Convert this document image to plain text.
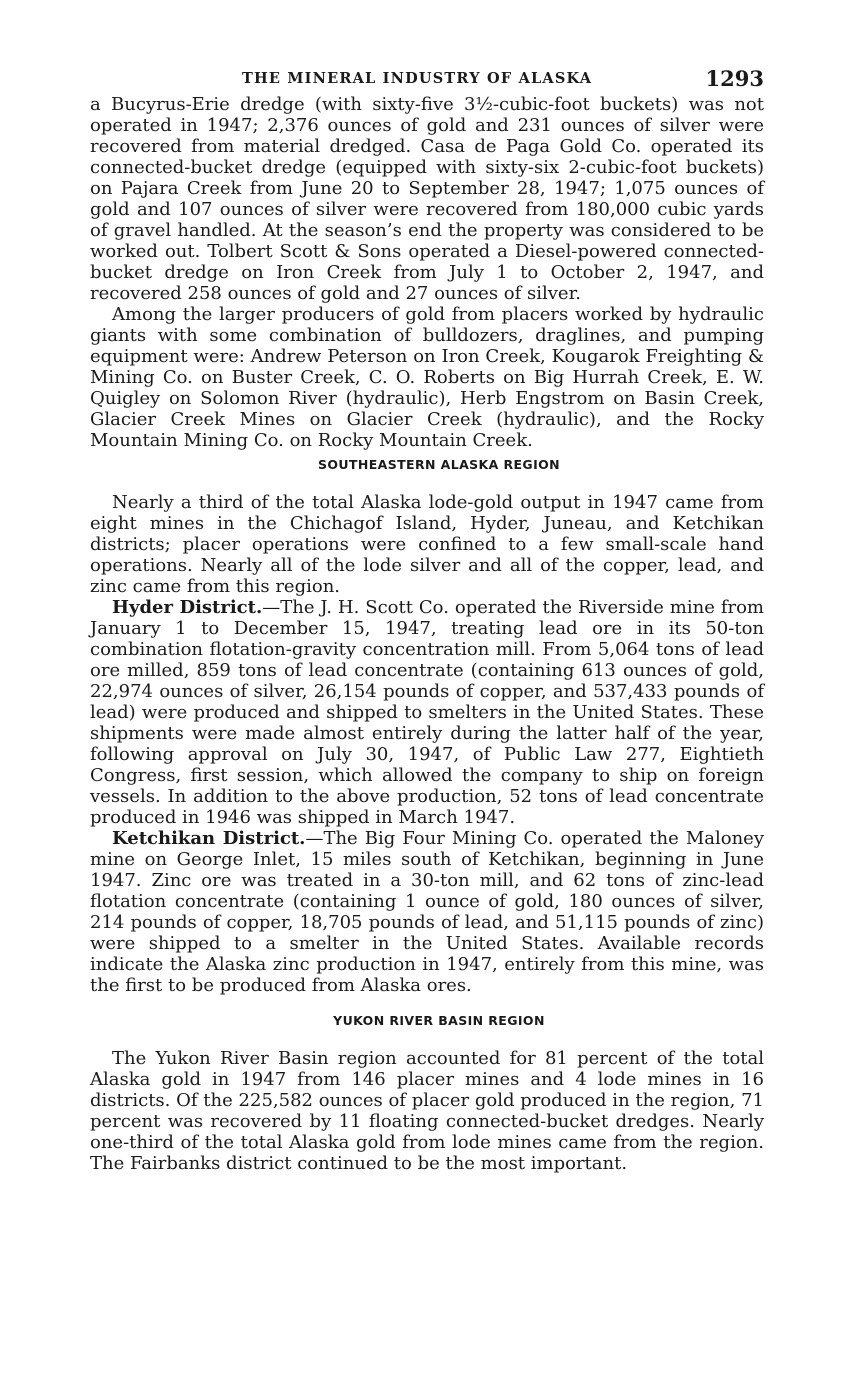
THE MINERAL INDUSTRY OF ALASKA	1293

a Bucyrus-Erie dredge (with sixty-five 3½-cubic-foot buckets) was not operated in 1947; 2,376 ounces of gold and 231 ounces of silver were recovered from material dredged. Casa de Paga Gold Co. operated its connected-bucket dredge (equipped with sixty-six 2-cubic-foot buckets) on Pajara Creek from June 20 to September 28, 1947; 1,075 ounces of gold and 107 ounces of silver were recovered from 180,000 cubic yards of gravel handled. At the season’s end the property was considered to be worked out. Tolbert Scott & Sons operated a Diesel-powered connected-bucket dredge on Iron Creek from July 1 to October 2, 1947, and recovered 258 ounces of gold and 27 ounces of silver.

Among the larger producers of gold from placers worked by hydraulic giants with some combination of bulldozers, draglines, and pumping equipment were: Andrew Peterson on Iron Creek, Kougarok Freighting & Mining Co. on Buster Creek, C. O. Roberts on Big Hurrah Creek, E. W. Quigley on Solomon River (hydraulic), Herb Engstrom on Basin Creek, Glacier Creek Mines on Glacier Creek (hydraulic), and the Rocky Mountain Mining Co. on Rocky Mountain Creek.

SOUTHEASTERN ALASKA REGION

Nearly a third of the total Alaska lode-gold output in 1947 came from eight mines in the Chichagof Island, Hyder, Juneau, and Ketchikan districts; placer operations were confined to a few small-scale hand operations. Nearly all of the lode silver and all of the copper, lead, and zinc came from this region.

Hyder District.—The J. H. Scott Co. operated the Riverside mine from January 1 to December 15, 1947, treating lead ore in its 50-ton combination flotation-gravity concentration mill. From 5,064 tons of lead ore milled, 859 tons of lead concentrate (containing 613 ounces of gold, 22,974 ounces of silver, 26,154 pounds of copper, and 537,433 pounds of lead) were produced and shipped to smelters in the United States. These shipments were made almost entirely during the latter half of the year, following approval on July 30, 1947, of Public Law 277, Eightieth Congress, first session, which allowed the company to ship on foreign vessels. In addition to the above production, 52 tons of lead concentrate produced in 1946 was shipped in March 1947.

Ketchikan District.—The Big Four Mining Co. operated the Maloney mine on George Inlet, 15 miles south of Ketchikan, beginning in June 1947. Zinc ore was treated in a 30-ton mill, and 62 tons of zinc-lead flotation concentrate (containing 1 ounce of gold, 180 ounces of silver, 214 pounds of copper, 18,705 pounds of lead, and 51,115 pounds of zinc) were shipped to a smelter in the United States. Available records indicate the Alaska zinc production in 1947, entirely from this mine, was the first to be produced from Alaska ores.

YUKON RIVER BASIN REGION

The Yukon River Basin region accounted for 81 percent of the total Alaska gold in 1947 from 146 placer mines and 4 lode mines in 16 districts. Of the 225,582 ounces of placer gold produced in the region, 71 percent was recovered by 11 floating connected-bucket dredges. Nearly one-third of the total Alaska gold from lode mines came from the region. The Fairbanks district continued to be the most important.
